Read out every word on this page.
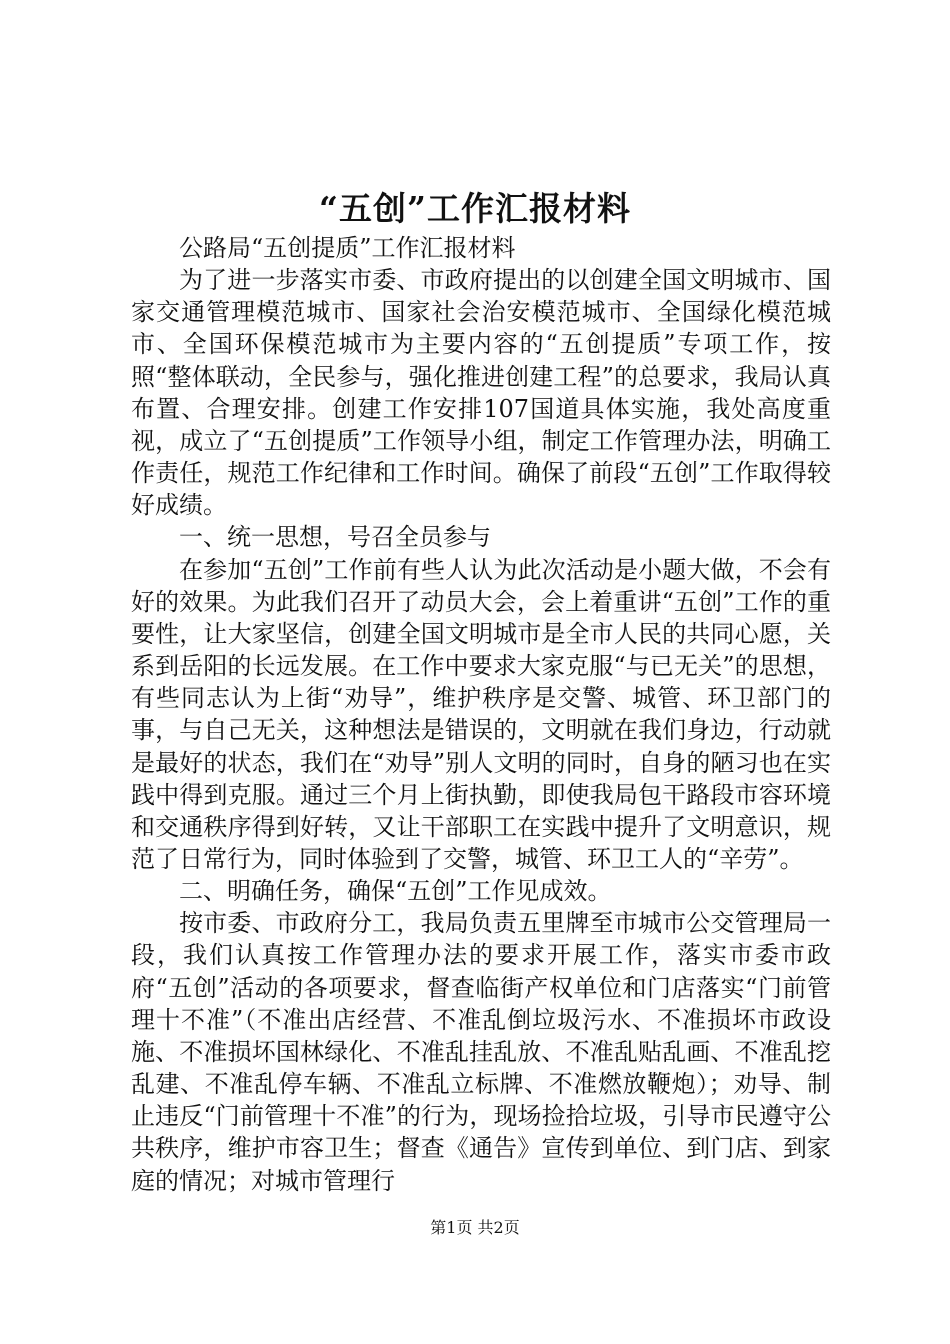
“五创”工作汇报材料

公路局“五创提质”工作汇报材料

为了进一步落实市委、市政府提出的以创建全国文明城市、国家交通管理模范城市、国家社会治安模范城市、全国绿化模范城市、全国环保模范城市为主要内容的“五创提质”专项工作，按照“整体联动，全民参与，强化推进创建工程”的总要求，我局认真布置、合理安排。创建工作安排107国道具体实施，我处高度重视，成立了“五创提质”工作领导小组，制定工作管理办法，明确工作责任，规范工作纪律和工作时间。确保了前段“五创”工作取得较好成绩。

一、统一思想，号召全员参与

在参加“五创”工作前有些人认为此次活动是小题大做，不会有好的效果。为此我们召开了动员大会，会上着重讲“五创”工作的重要性，让大家坚信，创建全国文明城市是全市人民的共同心愿，关系到岳阳的长远发展。在工作中要求大家克服“与已无关”的思想，有些同志认为上街“劝导”，维护秩序是交警、城管、环卫部门的事，与自己无关，这种想法是错误的，文明就在我们身边，行动就是最好的状态，我们在“劝导”别人文明的同时，自身的陋习也在实践中得到克服。通过三个月上街执勤，即使我局包干路段市容环境和交通秩序得到好转，又让干部职工在实践中提升了文明意识，规范了日常行为，同时体验到了交警，城管、环卫工人的“辛劳”。

二、明确任务，确保“五创”工作见成效。

按市委、市政府分工，我局负责五里牌至市城市公交管理局一段，我们认真按工作管理办法的要求开展工作，落实市委市政府“五创”活动的各项要求，督查临街产权单位和门店落实“门前管理十不准”（不准出店经营、不准乱倒垃圾污水、不准损坏市政设施、不准损坏国林绿化、不准乱挂乱放、不准乱贴乱画、不准乱挖乱建、不准乱停车辆、不准乱立标牌、不准燃放鞭炮）；劝导、制止违反“门前管理十不准”的行为，现场捡拾垃圾，引导市民遵守公共秩序，维护市容卫生；督查《通告》宣传到单位、到门店、到家庭的情况；对城市管理行

第1页 共2页
